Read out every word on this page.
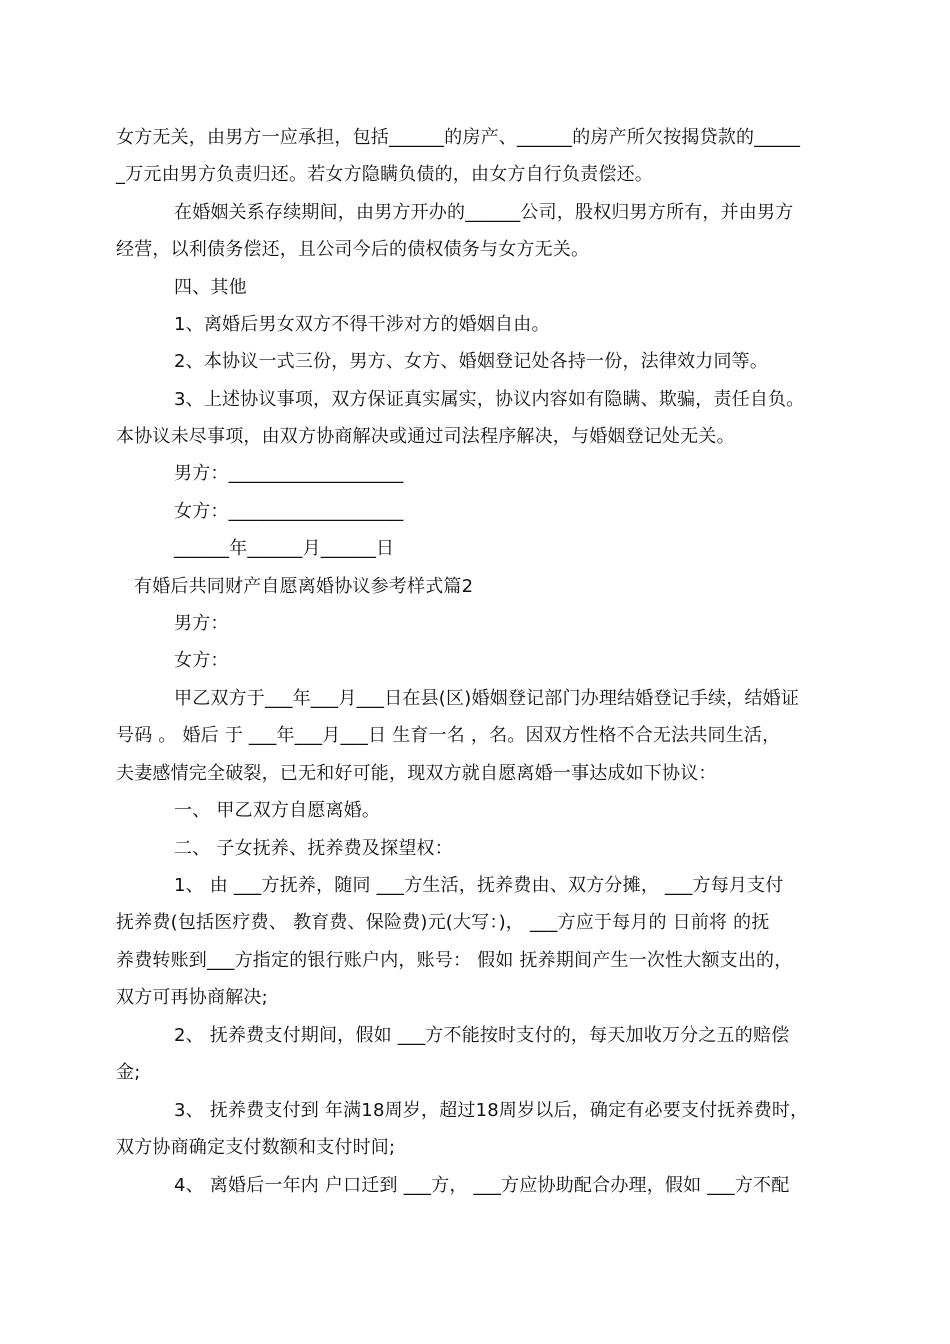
女方无关，由男方一应承担，包括______的房产、______的房产所欠按揭贷款的_____
_万元由男方负责归还。若女方隐瞒负债的，由女方自行负责偿还。
在婚姻关系存续期间，由男方开办的______公司，股权归男方所有，并由男方
经营，以利债务偿还，且公司今后的债权债务与女方无关。
四、其他
1、离婚后男女双方不得干涉对方的婚姻自由。
2、本协议一式三份，男方、女方、婚姻登记处各持一份，法律效力同等。
3、上述协议事项，双方保证真实属实，协议内容如有隐瞒、欺骗，责任自负。
本协议未尽事项，由双方协商解决或通过司法程序解决，与婚姻登记处无关。
男方：___________________
女方：___________________
______年______月______日
有婚后共同财产自愿离婚协议参考样式篇2
男方：
女方：
甲乙双方于___年___月___日在县(区)婚姻登记部门办理结婚登记手续，结婚证
号码 。 婚后 于 ___年___月___日 生育一名 ，名。因双方性格不合无法共同生活，
夫妻感情完全破裂，已无和好可能，现双方就自愿离婚一事达成如下协议：
一、 甲乙双方自愿离婚。
二、 子女抚养、抚养费及探望权：
1、 由 ___方抚养，随同 ___方生活，抚养费由、双方分摊， ___方每月支付
抚养费(包括医疗费、 教育费、保险费)元(大写：)， ___方应于每月的 日前将 的抚
养费转账到___方指定的银行账户内，账号： 假如 抚养期间产生一次性大额支出的，
双方可再协商解决;
2、 抚养费支付期间，假如 ___方不能按时支付的，每天加收万分之五的赔偿
金;
3、 抚养费支付到 年满18周岁，超过18周岁以后，确定有必要支付抚养费时，
双方协商确定支付数额和支付时间;
4、 离婚后一年内 户口迁到 ___方， ___方应协助配合办理，假如 ___方不配
